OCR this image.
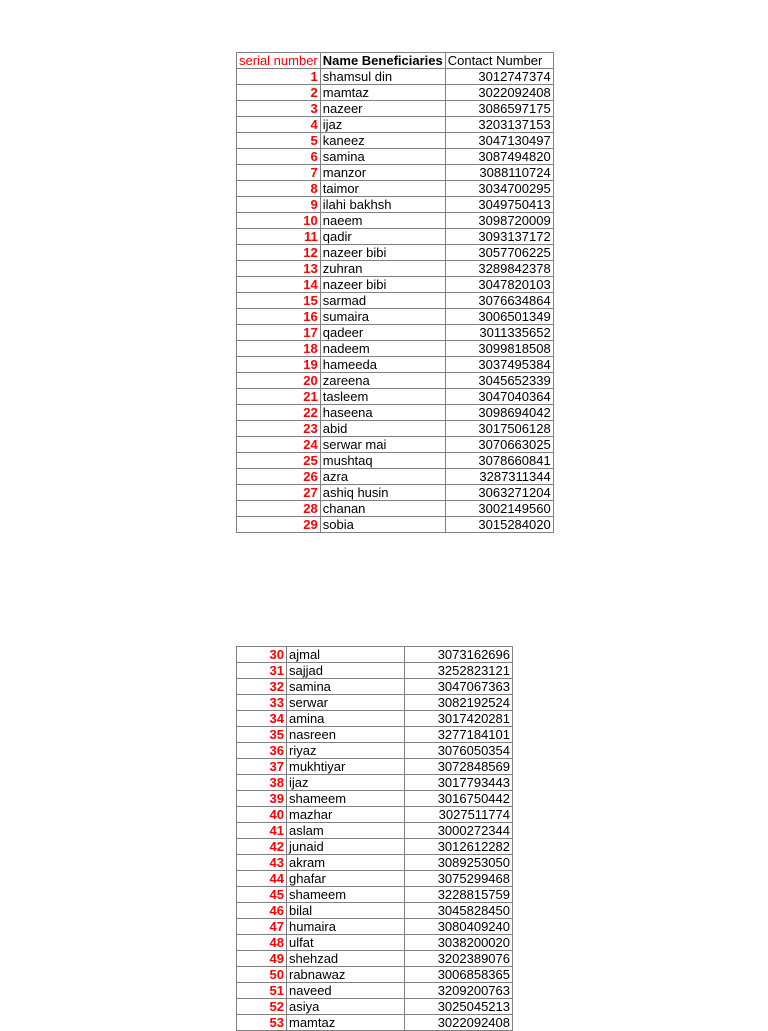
serial number	Name Beneficiaries	Contact Number
1	shamsul din	3012747374
2	mamtaz	3022092408
3	nazeer	3086597175
4	ijaz	3203137153
5	kaneez	3047130497
6	samina	3087494820
7	manzor	3088110724
8	taimor	3034700295
9	ilahi bakhsh	3049750413
10	naeem	3098720009
11	qadir	3093137172
12	nazeer bibi	3057706225
13	zuhran	3289842378
14	nazeer bibi	3047820103
15	sarmad	3076634864
16	sumaira	3006501349
17	qadeer	3011335652
18	nadeem	3099818508
19	hameeda	3037495384
20	zareena	3045652339
21	tasleem	3047040364
22	haseena	3098694042
23	abid	3017506128
24	serwar mai	3070663025
25	mushtaq	3078660841
26	azra	3287311344
27	ashiq husin	3063271204
28	chanan	3002149560
29	sobia	3015284020
30	ajmal	3073162696
31	sajjad	3252823121
32	samina	3047067363
33	serwar	3082192524
34	amina	3017420281
35	nasreen	3277184101
36	riyaz	3076050354
37	mukhtiyar	3072848569
38	ijaz	3017793443
39	shameem	3016750442
40	mazhar	3027511774
41	aslam	3000272344
42	junaid	3012612282
43	akram	3089253050
44	ghafar	3075299468
45	shameem	3228815759
46	bilal	3045828450
47	humaira	3080409240
48	ulfat	3038200020
49	shehzad	3202389076
50	rabnawaz	3006858365
51	naveed	3209200763
52	asiya	3025045213
53	mamtaz	3022092408
